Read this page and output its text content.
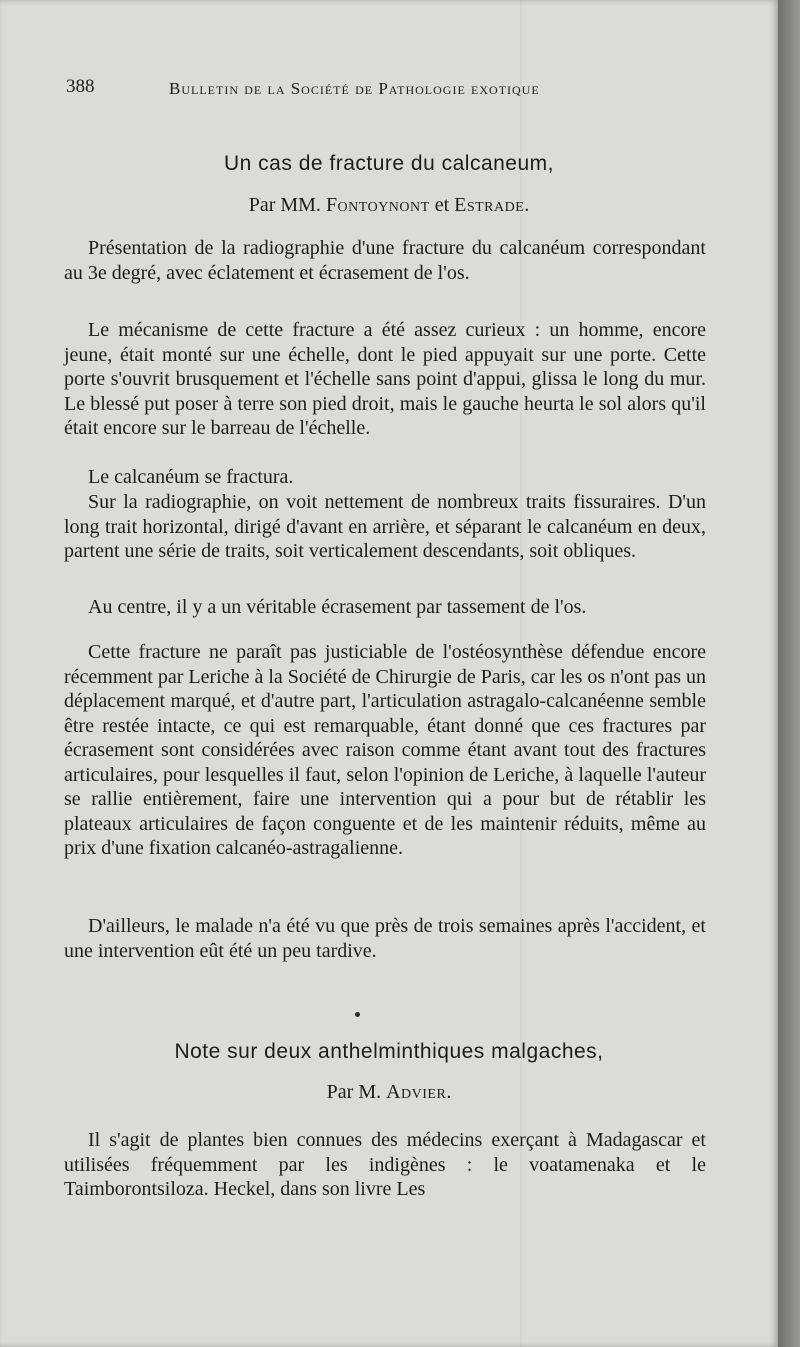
388	Bulletin de la Société de Pathologie exotique
Un cas de fracture du calcaneum,
Par MM. Fontoynont et Estrade.

Présentation de la radiographie d'une fracture du calcanéum correspondant au 3e degré, avec éclatement et écrasement de l'os.

Le mécanisme de cette fracture a été assez curieux : un homme, encore jeune, était monté sur une échelle, dont le pied appuyait sur une porte. Cette porte s'ouvrit brusquement et l'échelle sans point d'appui, glissa le long du mur. Le blessé put poser à terre son pied droit, mais le gauche heurta le sol alors qu'il était encore sur le barreau de l'échelle.

Le calcanéum se fractura.

Sur la radiographie, on voit nettement de nombreux traits fissuraires. D'un long trait horizontal, dirigé d'avant en arrière, et séparant le calcanéum en deux, partent une série de traits, soit verticalement descendants, soit obliques.

Au centre, il y a un véritable écrasement par tassement de l'os.

Cette fracture ne paraît pas justiciable de l'ostéosynthèse défendue encore récemment par Leriche à la Société de Chirurgie de Paris, car les os n'ont pas un déplacement marqué, et d'autre part, l'articulation astragalo-calcanéenne semble être restée intacte, ce qui est remarquable, étant donné que ces fractures par écrasement sont considérées avec raison comme étant avant tout des fractures articulaires, pour lesquelles il faut, selon l'opinion de Leriche, à laquelle l'auteur se rallie entièrement, faire une intervention qui a pour but de rétablir les plateaux articulaires de façon conguente et de les maintenir réduits, même au prix d'une fixation calcanéo-astragalienne.

D'ailleurs, le malade n'a été vu que près de trois semaines après l'accident, et une intervention eût été un peu tardive.

Note sur deux anthelminthiques malgaches,
Par M. Advier.

Il s'agit de plantes bien connues des médecins exerçant à Madagascar et utilisées fréquemment par les indigènes : le voatamenaka et le Taimborontsiloza. Heckel, dans son livre Les
